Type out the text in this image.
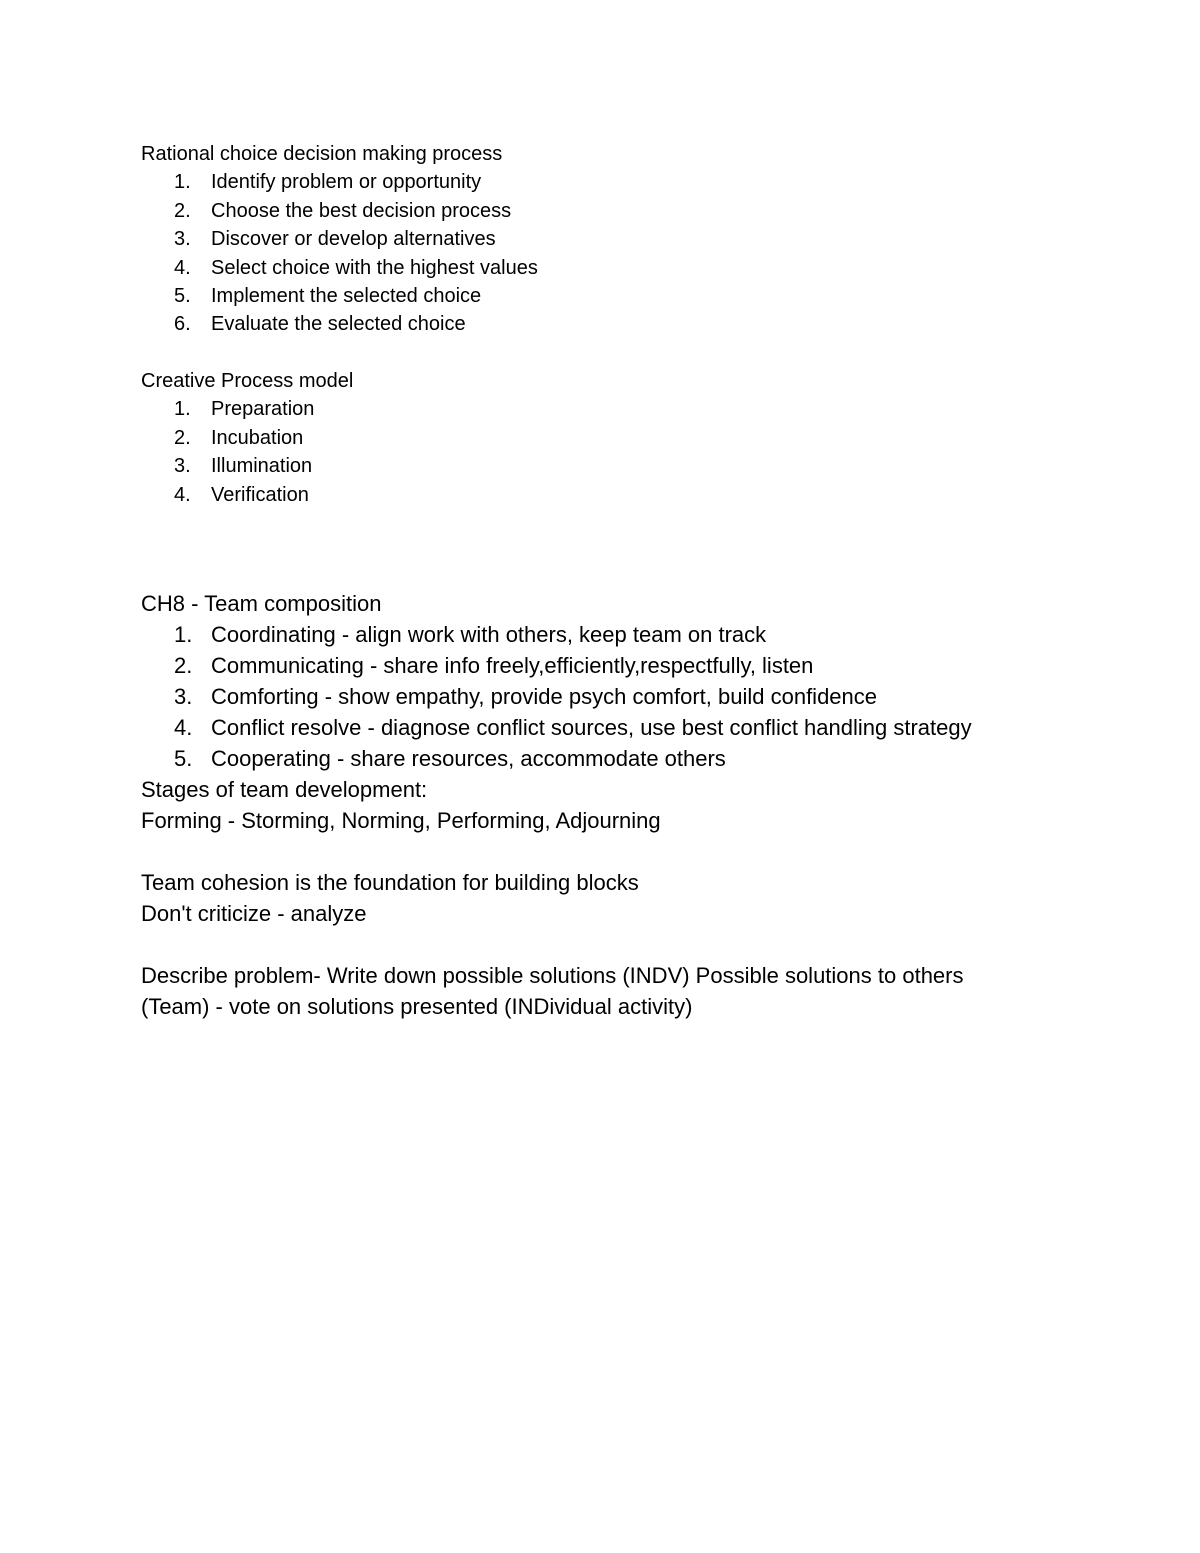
Rational choice decision making process
1.	Identify problem or opportunity
2.	Choose the best decision process
3.	Discover or develop alternatives
4.	Select choice with the highest values
5.	Implement the selected choice
6.	Evaluate the selected choice
Creative Process model
1.	Preparation
2.	Incubation
3.	Illumination
4.	Verification
CH8 - Team composition
1. Coordinating - align work with others, keep team on track
2. Communicating - share info freely,efficiently,respectfully, listen
3. Comforting - show empathy, provide psych comfort, build confidence
4. Conflict resolve - diagnose conflict sources, use best conflict handling strategy
5. Cooperating - share resources, accommodate others
Stages of team development:
Forming - Storming, Norming, Performing, Adjourning
Team cohesion is the foundation for building blocks
Don't criticize - analyze
Describe problem- Write down possible solutions (INDV) Possible solutions to others
(Team) - vote on solutions presented (INDividual activity)
